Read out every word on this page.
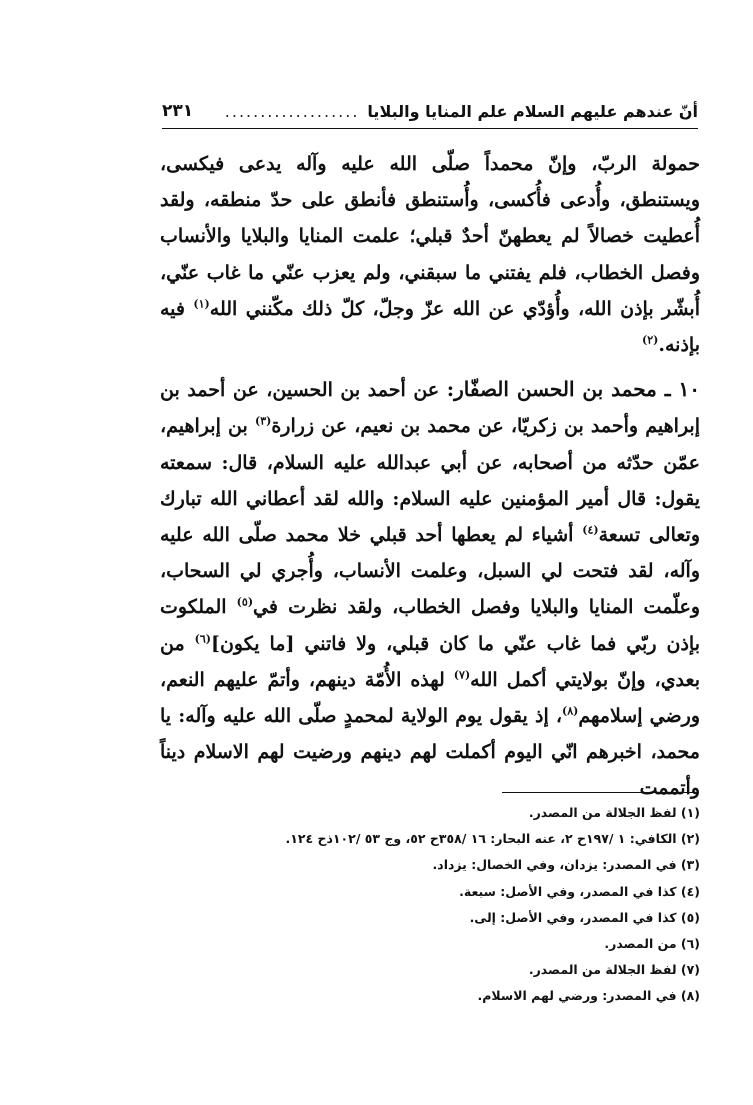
أنّ عندهم عليهم السلام علم المنايا والبلايا
...................
٢٣١

حمولة الربّ، وإنّ محمداً صلّى الله عليه وآله يدعى فيكسى، ويستنطق، وأُدعى فأُكسى، وأُستنطق فأنطق على حدّ منطقه، ولقد أُعطيت خصالاً لم يعطهنّ أحدٌ قبلي؛ علمت المنايا والبلايا والأنساب وفصل الخطاب، فلم يفتني ما سبقني، ولم يعزب عنّي ما غاب عنّي، أُبشّر بإذن الله، وأُؤدّي عن الله عزّ وجلّ، كلّ ذلك مكّنني الله$^{(١)}$ فيه بإذنه.$^{(٢)}$

١٠ ـ محمد بن الحسن الصفّار: عن أحمد بن الحسين، عن أحمد بن إبراهيم وأحمد بن زكريّا، عن محمد بن نعيم، عن زرارة$^{(٣)}$ بن إبراهيم، عمّن حدّثه من أصحابه، عن أبي عبدالله عليه السلام، قال: سمعته يقول: قال أمير المؤمنين عليه السلام: والله لقد أعطاني الله تبارك وتعالى تسعة$^{(٤)}$ أشياء لم يعطها أحد قبلي خلا محمد صلّى الله عليه وآله، لقد فتحت لي السبل، وعلمت الأنساب، وأُجري لي السحاب، وعلّمت المنايا والبلايا وفصل الخطاب، ولقد نظرت في$^{(٥)}$ الملكوت بإذن ربّي فما غاب عنّي ما كان قبلي، ولا فاتني [ما يكون]$^{(٦)}$ من بعدي، وإنّ بولايتي أكمل الله$^{(٧)}$ لهذه الأُمّة دينهم، وأتمّ عليهم النعم، ورضي إسلامهم$^{(٨)}$، إذ يقول يوم الولاية لمحمدٍ صلّى الله عليه وآله: يا محمد، اخبرهم انّي اليوم أكملت لهم دينهم ورضيت لهم الاسلام ديناً وأتممت

(١) لفظ الجلالة من المصدر.
(٢) الكافي: ١ /١٩٧ح ٢، عنه البحار: ١٦ /٣٥٨ح ٥٢، وج ٥٣ /١٠٢ذح ١٢٤.
(٣) في المصدر: يزدان، وفي الخصال: يزداد.
(٤) كذا في المصدر، وفي الأصل: سبعة.
(٥) كذا في المصدر، وفي الأصل: إلى.
(٦) من المصدر.
(٧) لفظ الجلالة من المصدر.
(٨) في المصدر: ورضي لهم الاسلام.
